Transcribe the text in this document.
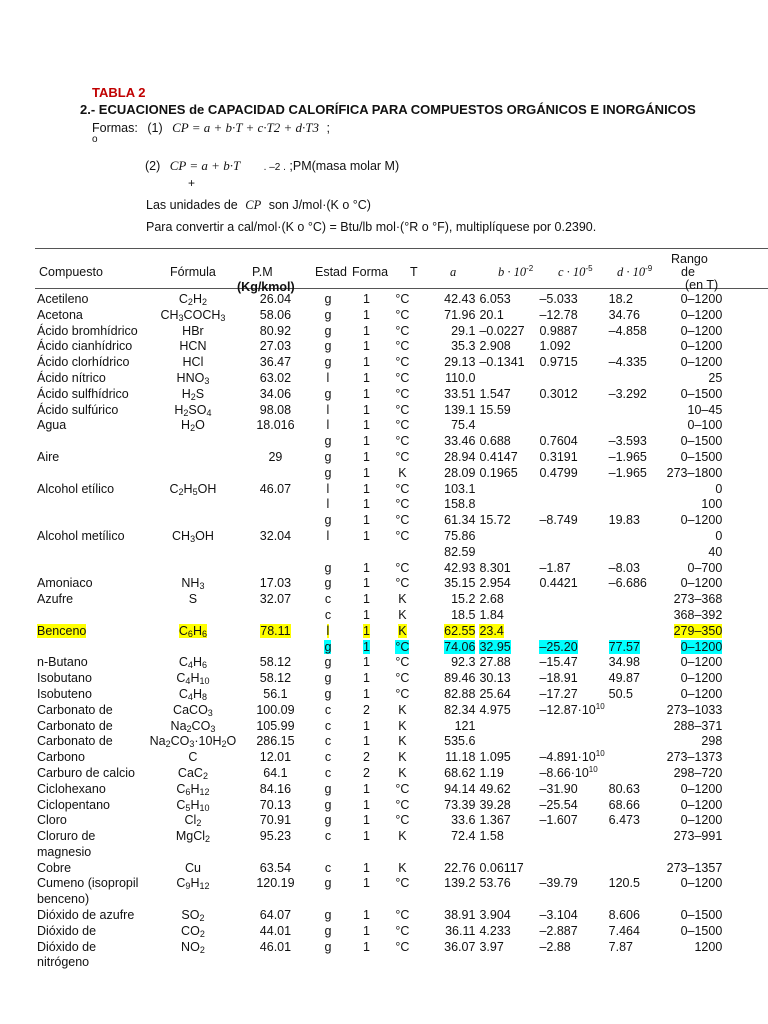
TABLA 2
2.- ECUACIONES de CAPACIDAD CALORÍFICA PARA COMPUESTOS ORGÁNICOS E INORGÁNICOS
Formas: (1) CP = a + b·T + c·T2 + d·T3 ;
o
(2) CP = a + b·T . –2 . ;PM(masa molar M)
+
Las unidades de CP son J/mol·(K o °C)
Para convertir a cal/mol·(K o °C) = Btu/lb mol·(°R o °F), multiplíquese por 0.2390.
Compuesto	Fórmula	P.M
(Kg/kmol)
Estad Forma T	a	$b \cdot 10^{-2}$ $c \cdot 10^{-5}$ $d \cdot 10^{-9}$
Rango
de
(en T)
Acetileno	$C_2H_2$	26.04	g	1	°C	42.43	6.053	–5.033	18.2	0–1200
Acetona	$CH_3COCH_3$	58.06	g	1	°C	71.96	20.1	–12.78	34.76	0–1200
Ácido bromhídrico	HBr	80.92	g	1	°C	29.1	–0.0227	0.9887	–4.858	0–1200
Ácido cianhídrico	HCN	27.03	g	1	°C	35.3	2.908	1.092		0–1200
Ácido clorhídrico	HCl	36.47	g	1	°C	29.13	–0.1341	0.9715	–4.335	0–1200
Ácido nítrico	$HNO_3$	63.02	l	1	°C	110.0				25
Ácido sulfhídrico	$H_2S$	34.06	g	1	°C	33.51	1.547	0.3012	–3.292	0–1500
Ácido sulfúrico	$H_2SO_4$	98.08	l	1	°C	139.1	15.59			10–45
Agua	$H_2O$	18.016	l	1	°C	75.4				0–100
			g	1	°C	33.46	0.688	0.7604	–3.593	0–1500
Aire		29	g	1	°C	28.94	0.4147	0.3191	–1.965	0–1500
			g	1	K	28.09	0.1965	0.4799	–1.965	273–1800
Alcohol etílico	$C_2H_5OH$	46.07	l	1	°C	103.1				0
			l	1	°C	158.8				100
			g	1	°C	61.34	15.72	–8.749	19.83	0–1200
Alcohol metílico	$CH_3OH$	32.04	l	1	°C	75.86				0
						82.59				40
			g	1	°C	42.93	8.301	–1.87	–8.03	0–700
Amoniaco	$NH_3$	17.03	g	1	°C	35.15	2.954	0.4421	–6.686	0–1200
Azufre	S	32.07	c	1	K	15.2	2.68			273–368
			c	1	K	18.5	1.84			368–392
Benceno	$C_6H_6$	78.11	l	1	K	62.55	23.4			279–350
			g	1	°C	74.06	32.95	–25.20	77.57	0–1200
n-Butano	$C_4H_6$	58.12	g	1	°C	92.3	27.88	–15.47	34.98	0–1200
Isobutano	$C_4H_{10}$	58.12	g	1	°C	89.46	30.13	–18.91	49.87	0–1200
Isobuteno	$C_4H_8$	56.1	g	1	°C	82.88	25.64	–17.27	50.5	0–1200
Carbonato de	CaCO$_3$	100.09	c	2	K	82.34	4.975	$-12.87\cdot 10^{10}$		273–1033
Carbonato de	$Na_2CO_3$	105.99	c	1	K	121				288–371
Carbonato de	$Na_2CO_3\cdot 10H_2O$	286.15	c	1	K	535.6				298
Carbono	C	12.01	c	2	K	11.18	1.095	$-4.891\cdot 10^{10}$		273–1373
Carburo de calcio	CaC$_2$	64.1	c	2	K	68.62	1.19	$-8.66\cdot 10^{10}$		298–720
Ciclohexano	$C_6H_{12}$	84.16	g	1	°C	94.14	49.62	–31.90	80.63	0–1200
Ciclopentano	$C_5H_{10}$	70.13	g	1	°C	73.39	39.28	–25.54	68.66	0–1200
Cloro	$Cl_2$	70.91	g	1	°C	33.6	1.367	–1.607	6.473	0–1200
Cloruro de	MgCl$_2$	95.23	c	1	K	72.4	1.58			273–991
magnesio										
Cobre	Cu	63.54	c	1	K	22.76	0.06117			273–1357
Cumeno (isopropil	$C_9H_{12}$	120.19	g	1	°C	139.2	53.76	–39.79	120.5	0–1200
benceno)										
Dióxido de azufre	$SO_2$	64.07	g	1	°C	38.91	3.904	–3.104	8.606	0–1500
Dióxido de	$CO_2$	44.01	g	1	°C	36.11	4.233	–2.887	7.464	0–1500
Dióxido de	$NO_2$	46.01	g	1	°C	36.07	3.97	–2.88	7.87	1200
nitrógeno										
